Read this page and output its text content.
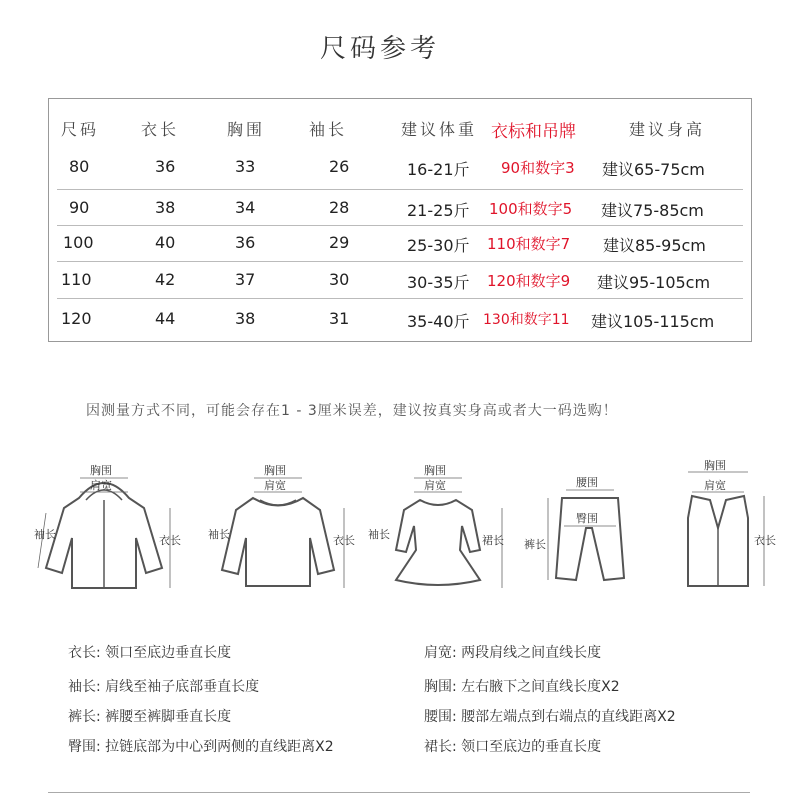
尺码参考
尺码	衣长	胸围	袖长	建议体重 衣标和吊牌	建议身高
80	36	33	26	16-21斤 90和数字3 建议65-75cm
90	38	34	28	21-25斤 100和数字5 建议75-85cm
100	40	36	29	25-30斤 110和数字7 建议85-95cm
110	42	37	30	30-35斤 120和数字9 建议95-105cm
120	44	38	31	35-40斤 130和数字11 建议105-115cm
因测量方式不同，可能会存在1 - 3厘米误差，建议按真实身高或者大一码选购！
胸围
肩宽
袖长	衣长
胸围
肩宽
袖长	衣长
胸围
肩宽
袖长	裙长
腰围
臀围
裤长
胸围
肩宽
衣长
衣长: 领口至底边垂直长度
袖长: 肩线至袖子底部垂直长度
裤长: 裤腰至裤脚垂直长度
臀围: 拉链底部为中心到两侧的直线距离X2
肩宽: 两段肩线之间直线长度
胸围: 左右腋下之间直线长度X2
腰围: 腰部左端点到右端点的直线距离X2
裙长: 领口至底边的垂直长度
